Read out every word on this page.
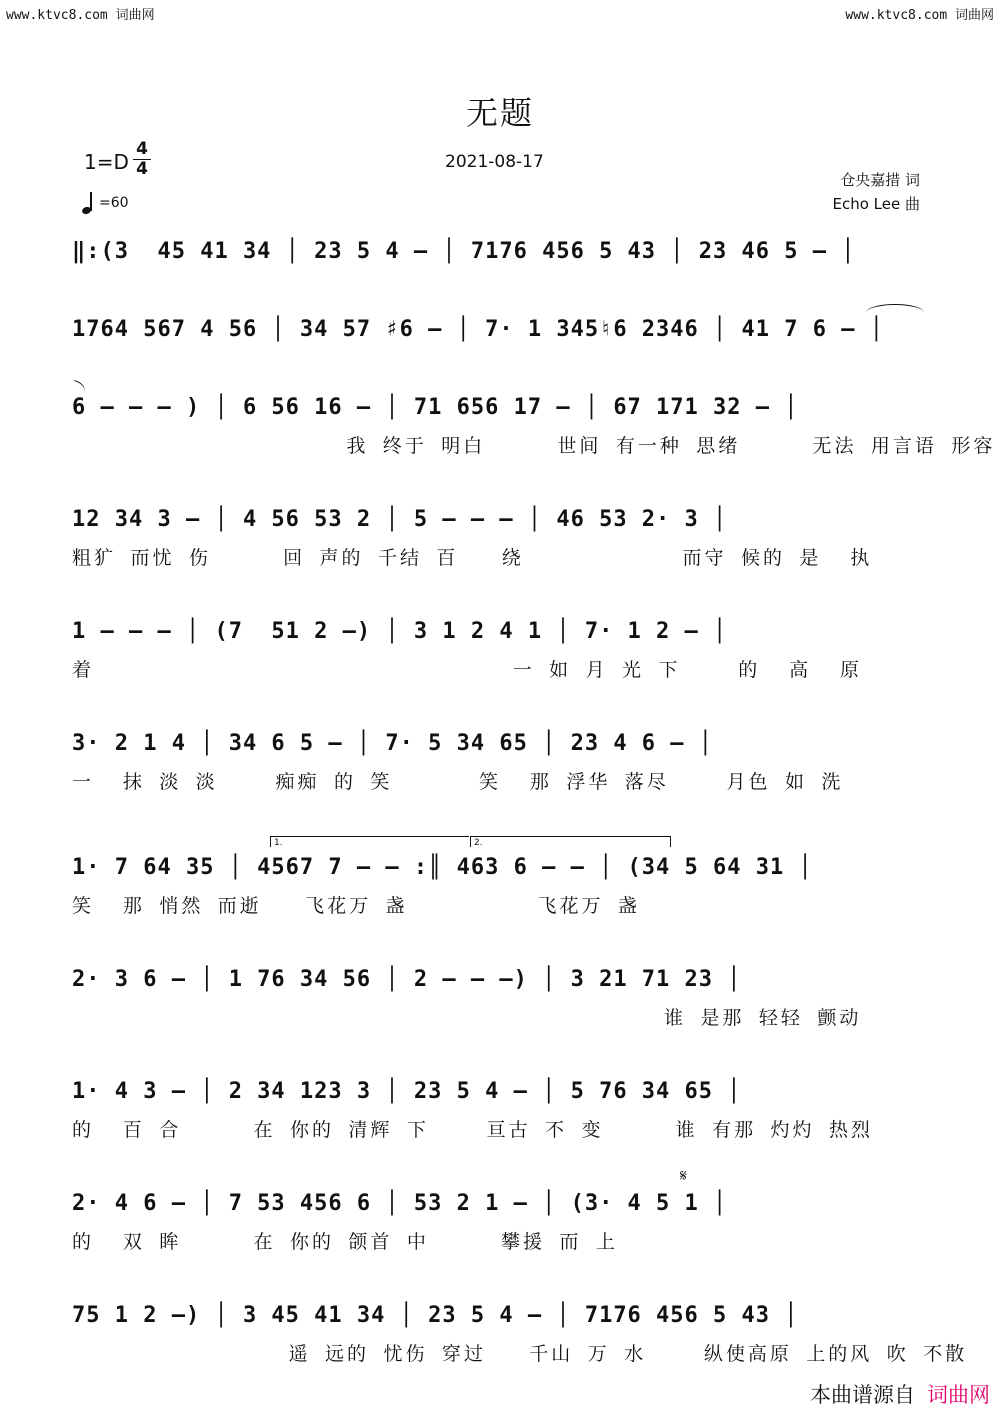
www.ktvc8.com 词曲网	www.ktvc8.com 词曲网
无题
$1=D \frac{4}{4}$
=60
2021-08-17
仓央嘉措 词
Echo Lee 曲
‖:(3  45 41 34 │ 23 5 4 – │ 7176 456 5 43 │ 23 46 5 – │
1764 567 4 56 │ 34 57 ♯6 – │ 7· 1 345♮6 2346 │ 41 7 6 – │
6 – – – ) │ 6 56 16 – │ 71 656 17 – │ 67 171 32 – │
我 终于 明白     世间 有一种 思绪     无法 用言语 形容
12 34 3 – │ 4 56 53 2 │ 5 – – – │ 46 53 2· 3 │
粗犷 而忧 伤     回 声的 千结 百   绕           而守 候的 是  执
1 – – – │ (7  51 2 –) │ 3 1 2 4 1 │ 7· 1 2 – │
着                             一 如 月 光 下    的  高  原
3· 2 1 4 │ 34 6 5 – │ 7· 5 34 65 │ 23 4 6 – │
一  抹 淡 淡    痴痴 的 笑      笑  那 浮华 落尽    月色 如 洗
1.	2.
1· 7 64 35 │ 4567 7 – – :║ 463 6 – – │ (34 5 64 31 │
笑  那 悄然 而逝   飞花万 盏         飞花万 盏
2· 3 6 – │ 1 76 34 56 │ 2 – – –) │ 3 21 71 23 │
谁 是那 轻轻 颤动
1· 4 3 – │ 2 34 123 3 │ 23 5 4 – │ 5 76 34 65 │
的  百 合     在 你的 清辉 下    亘古 不 变     谁 有那 灼灼 热烈
𝄋
2· 4 6 – │ 7 53 456 6 │ 53 2 1 – │ (3· 4 5 1 │
的  双 眸     在 你的 颌首 中     攀援 而 上
75 1 2 –) │ 3 45 41 34 │ 23 5 4 – │ 7176 456 5 43 │
遥 远的 忧伤 穿过   千山 万 水    纵使高原 上的风 吹 不散
本曲谱源自 词曲网
